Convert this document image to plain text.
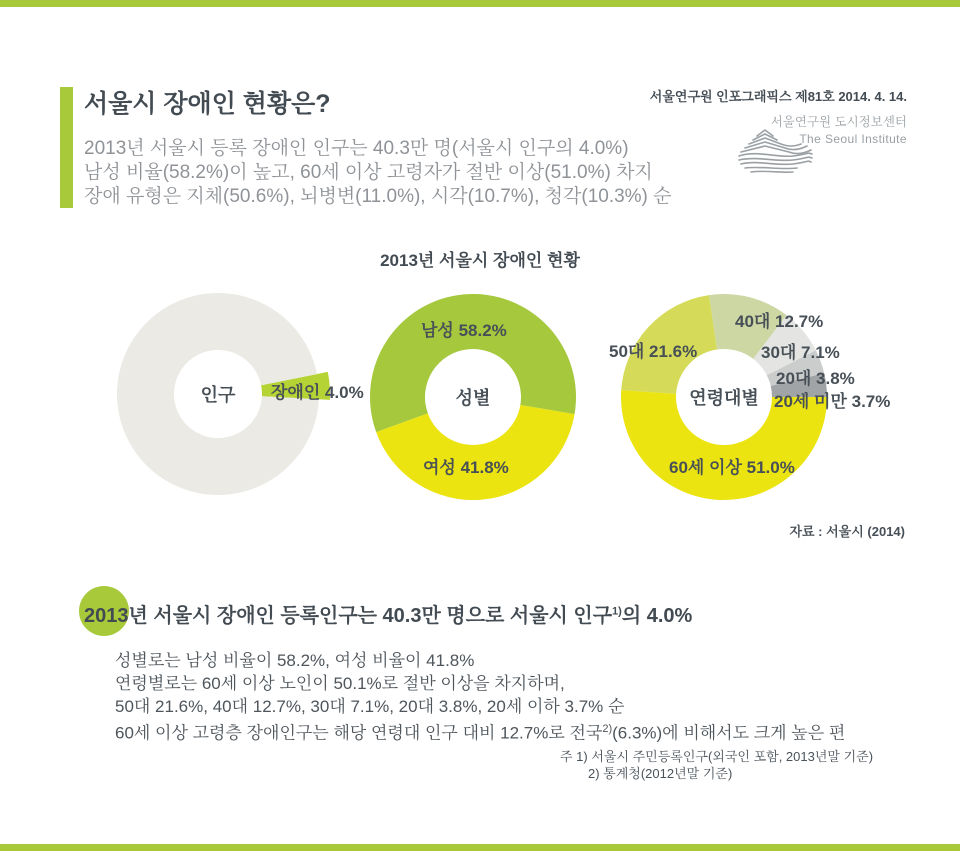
서울시 장애인 현황은?
2013년 서울시 등록 장애인 인구는 40.3만 명(서울시 인구의 4.0%)
남성 비율(58.2%)이 높고, 60세 이상 고령자가 절반 이상(51.0%) 차지
장애 유형은 지체(50.6%), 뇌병변(11.0%), 시각(10.7%), 청각(10.3%) 순
서울연구원 인포그래픽스 제81호 2014. 4. 14.
서울연구원 도시정보센터
The Seoul Institute
2013년 서울시 장애인 현황
인구	성별	연령대별
장애인 4.0%
남성 58.2%
여성 41.8%
50대 21.6%
40대 12.7%
30대 7.1%
20대 3.8%
20세 미만 3.7%
60세 이상 51.0%
자료 : 서울시 (2014)
2013년 서울시 장애인 등록인구는 40.3만 명으로 서울시 인구$^{1)}$의 4.0%
성별로는 남성 비율이 58.2%, 여성 비율이 41.8%
연령별로는 60세 이상 노인이 50.1%로 절반 이상을 차지하며,
50대 21.6%, 40대 12.7%, 30대 7.1%, 20대 3.8%, 20세 이하 3.7% 순
60세 이상 고령층 장애인구는 해당 연령대 인구 대비 12.7%로 전국$^{2)}$(6.3%)에 비해서도 크게 높은 편
주 1) 서울시 주민등록인구(외국인 포함, 2013년말 기준)
2) 통계청(2012년말 기준)
